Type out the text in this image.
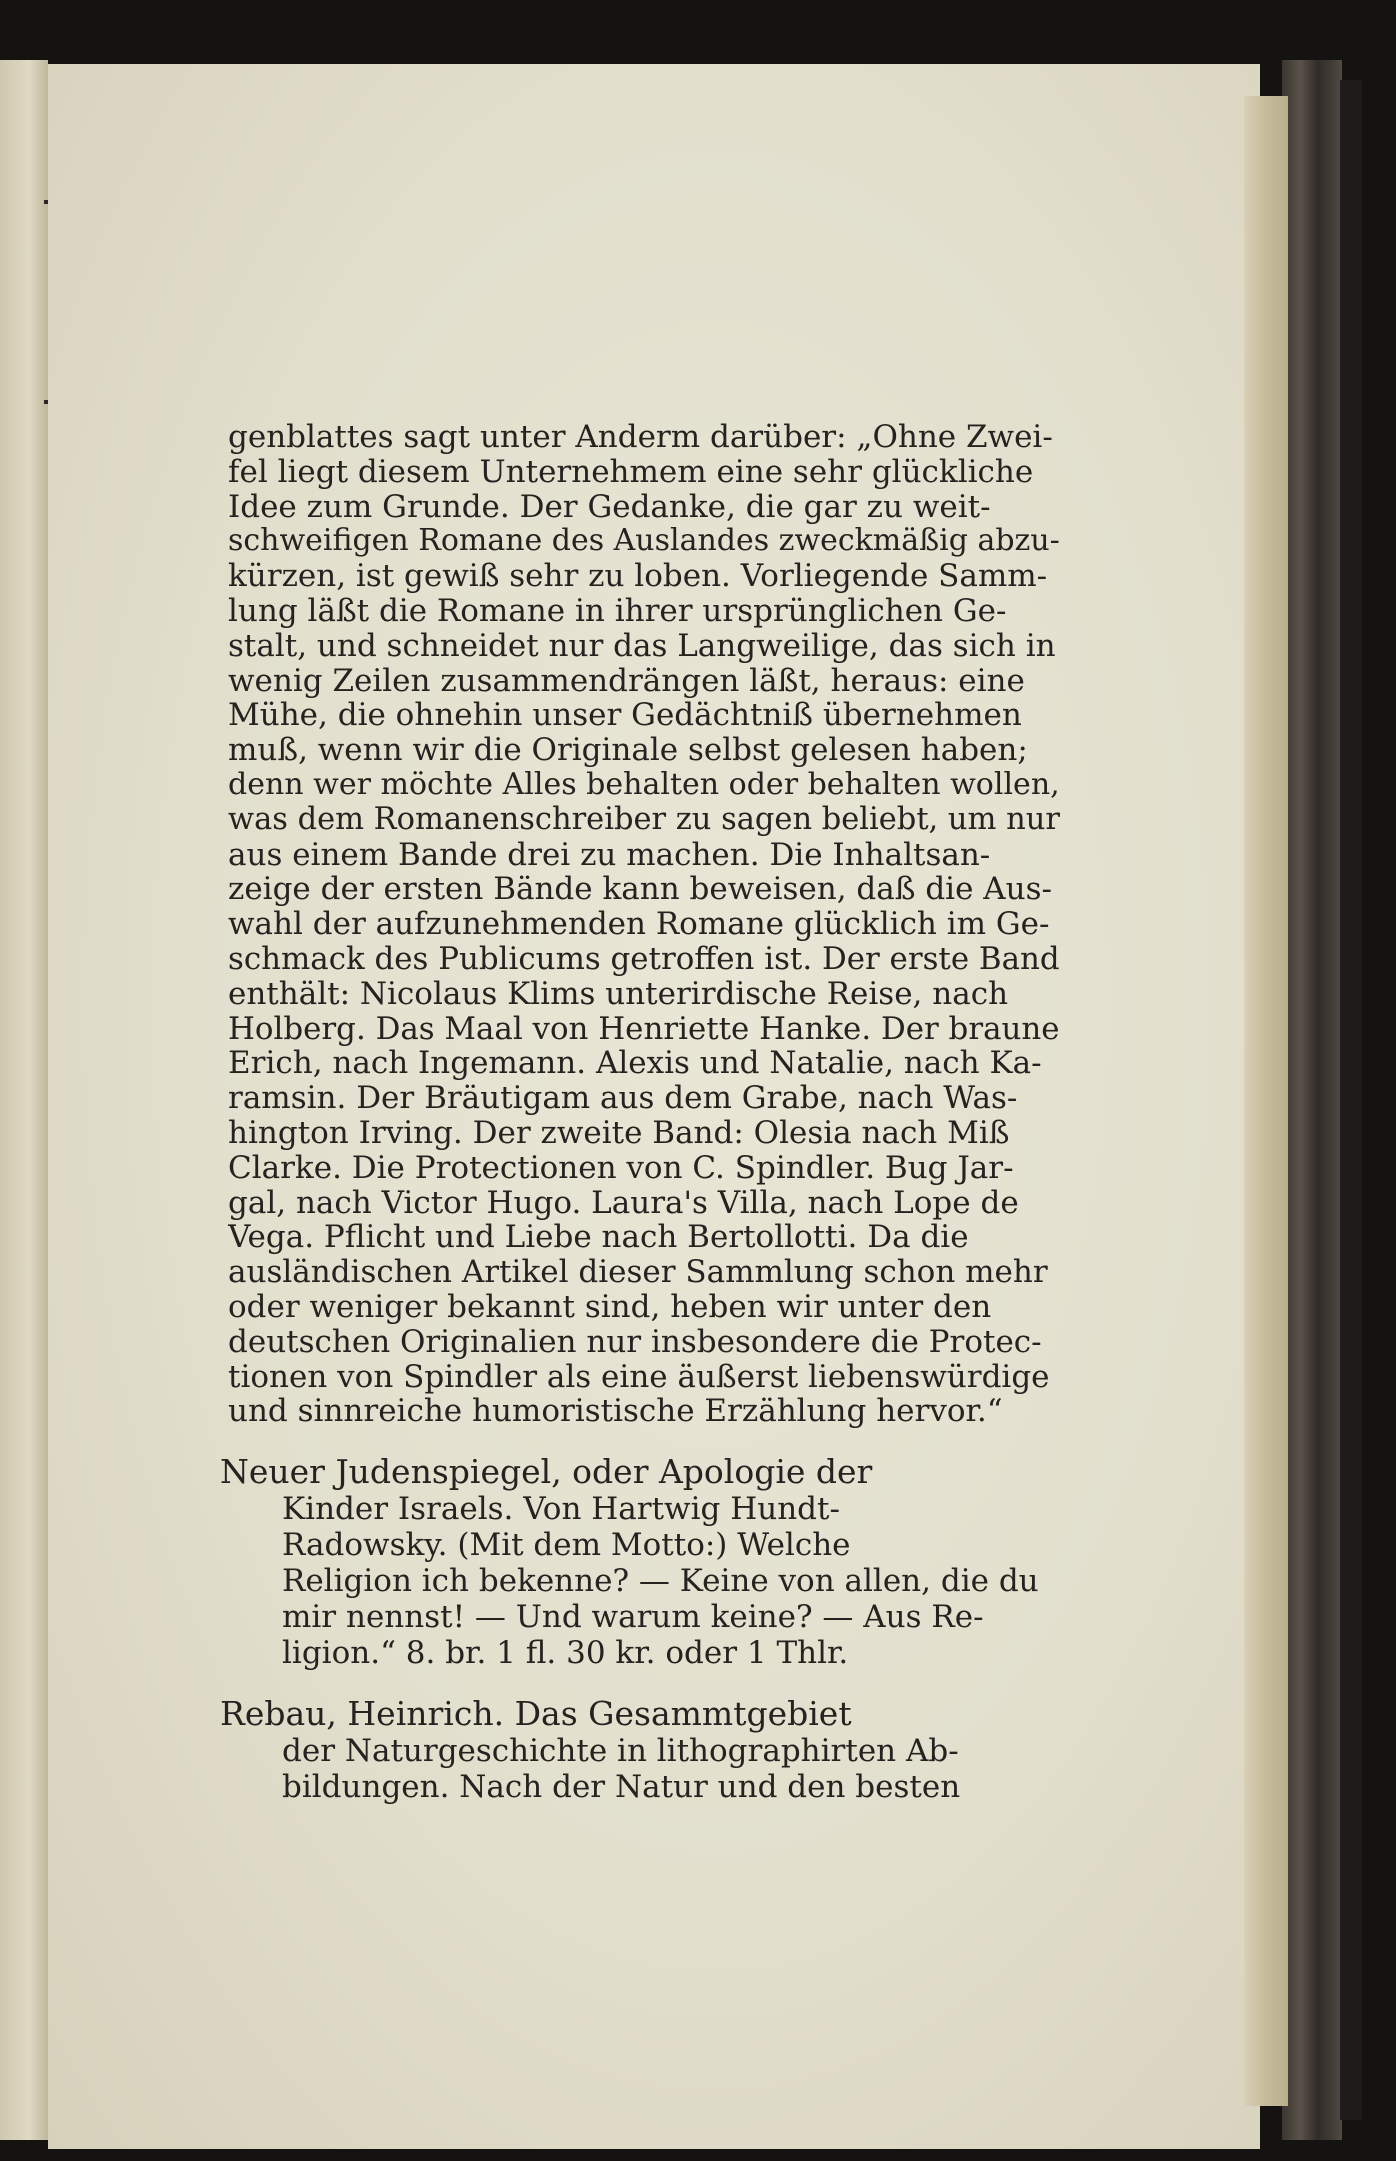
genblattes sagt unter Anderm darüber: „Ohne Zwei-
fel liegt diesem Unternehmem eine sehr glückliche
Idee zum Grunde. Der Gedanke, die gar zu weit-
schweifigen Romane des Auslandes zweckmäßig abzu-
kürzen, ist gewiß sehr zu loben. Vorliegende Samm-
lung läßt die Romane in ihrer ursprünglichen Ge-
stalt, und schneidet nur das Langweilige, das sich in
wenig Zeilen zusammendrängen läßt, heraus: eine
Mühe, die ohnehin unser Gedächtniß übernehmen
muß, wenn wir die Originale selbst gelesen haben;
denn wer möchte Alles behalten oder behalten wollen,
was dem Romanenschreiber zu sagen beliebt, um nur
aus einem Bande drei zu machen. Die Inhaltsan-
zeige der ersten Bände kann beweisen, daß die Aus-
wahl der aufzunehmenden Romane glücklich im Ge-
schmack des Publicums getroffen ist. Der erste Band
enthält: Nicolaus Klims unterirdische Reise, nach
Holberg. Das Maal von Henriette Hanke. Der braune
Erich, nach Ingemann. Alexis und Natalie, nach Ka-
ramsin. Der Bräutigam aus dem Grabe, nach Was-
hington Irving. Der zweite Band: Olesia nach Miß
Clarke. Die Protectionen von C. Spindler. Bug Jar-
gal, nach Victor Hugo. Laura's Villa, nach Lope de
Vega. Pflicht und Liebe nach Bertollotti. Da die
ausländischen Artikel dieser Sammlung schon mehr
oder weniger bekannt sind, heben wir unter den
deutschen Originalien nur insbesondere die Protec-
tionen von Spindler als eine äußerst liebenswürdige
und sinnreiche humoristische Erzählung hervor.“
Neuer Judenspiegel, oder Apologie der
Kinder Israels. Von Hartwig Hundt-
Radowsky. (Mit dem Motto:) Welche
Religion ich bekenne? — Keine von allen, die du
mir nennst! — Und warum keine? — Aus Re-
ligion.“ 8. br. 1 fl. 30 kr. oder 1 Thlr.
Rebau, Heinrich. Das Gesammtgebiet
der Naturgeschichte in lithographirten Ab-
bildungen. Nach der Natur und den besten
